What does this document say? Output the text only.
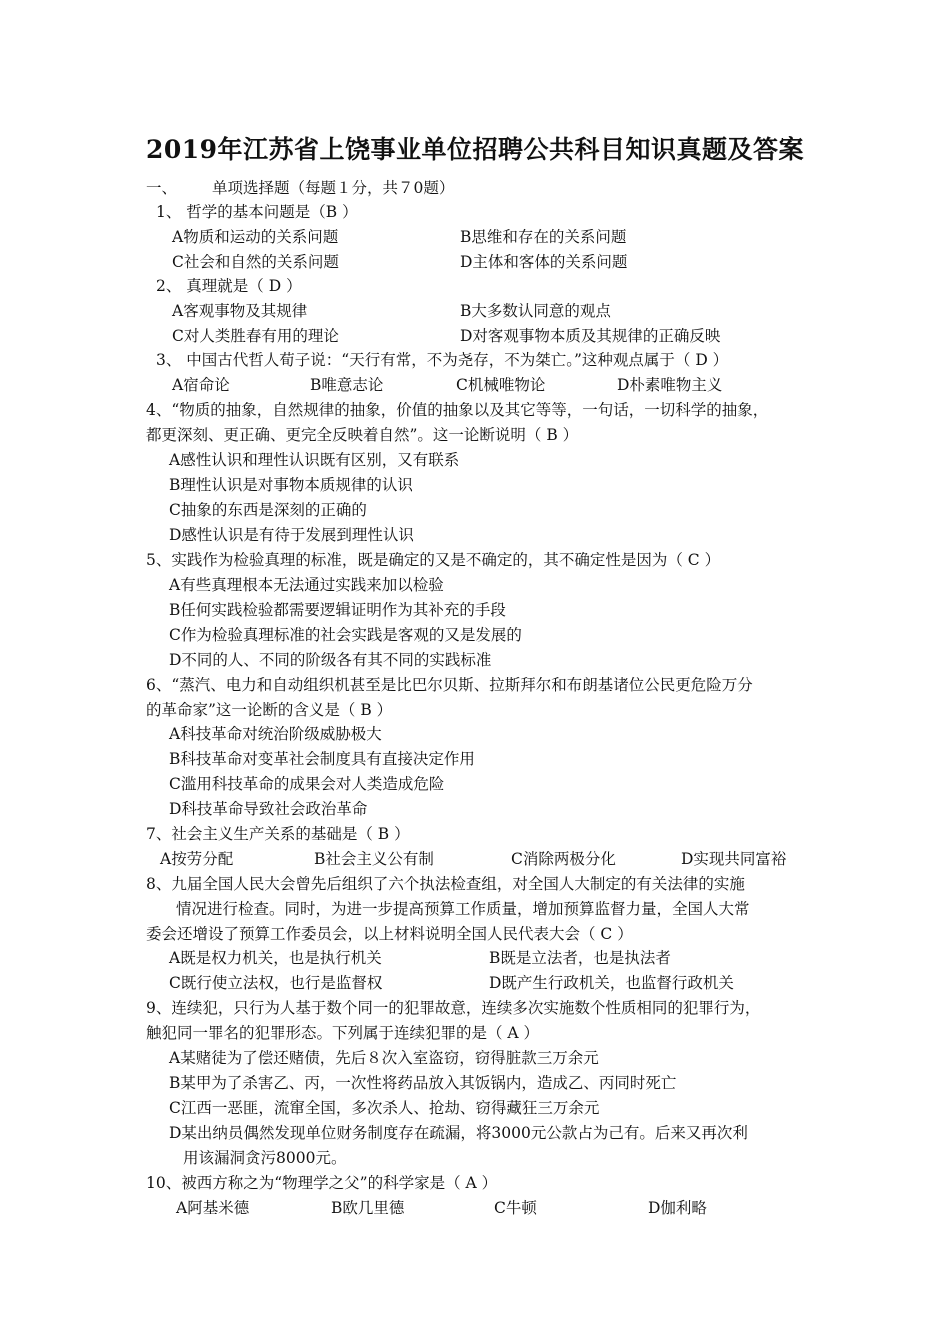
2019年江苏省上饶事业单位招聘公共科目知识真题及答案
一、 单项选择题（每题１分，共７0题）
1、 哲学的基本问题是（B ）
A物质和运动的关系问题	B思维和存在的关系问题
C社会和自然的关系问题	D主体和客体的关系问题
2、 真理就是（ D ）
A客观事物及其规律	B大多数认同意的观点
C对人类胜春有用的理论	D对客观事物本质及其规律的正确反映
3、 中国古代哲人荀子说：“天行有常，不为尧存，不为桀亡。”这种观点属于（ D ）
A宿命论	B唯意志论	C机械唯物论	D朴素唯物主义
4、“物质的抽象，自然规律的抽象，价值的抽象以及其它等等，一句话，一切科学的抽象，
都更深刻、更正确、更完全反映着自然”。这一论断说明（ B ）
A感性认识和理性认识既有区别，又有联系
B理性认识是对事物本质规律的认识
C抽象的东西是深刻的正确的
D感性认识是有待于发展到理性认识
5、实践作为检验真理的标准，既是确定的又是不确定的，其不确定性是因为（ C ）
A有些真理根本无法通过实践来加以检验
B任何实践检验都需要逻辑证明作为其补充的手段
C作为检验真理标准的社会实践是客观的又是发展的
D不同的人、不同的阶级各有其不同的实践标准
6、“蒸汽、电力和自动组织机甚至是比巴尔贝斯、拉斯拜尔和布朗基诸位公民更危险万分
的革命家”这一论断的含义是（ B ）
A科技革命对统治阶级威胁极大
B科技革命对变革社会制度具有直接决定作用
C滥用科技革命的成果会对人类造成危险
D科技革命导致社会政治革命
7、社会主义生产关系的基础是（ B ）
A按劳分配	B社会主义公有制	C消除两极分化	D实现共同富裕
8、九届全国人民大会曾先后组织了六个执法检查组，对全国人大制定的有关法律的实施
情况进行检查。同时，为进一步提高预算工作质量，增加预算监督力量，全国人大常
委会还增设了预算工作委员会，以上材料说明全国人民代表大会（ C ）
A既是权力机关，也是执行机关	B既是立法者，也是执法者
C既行使立法权，也行是监督权	D既产生行政机关，也监督行政机关
9、连续犯，只行为人基于数个同一的犯罪故意，连续多次实施数个性质相同的犯罪行为，
触犯同一罪名的犯罪形态。下列属于连续犯罪的是（ A ）
A某赌徒为了偿还赌债，先后８次入室盗窃，窃得脏款三万余元
B某甲为了杀害乙、丙，一次性将药品放入其饭锅内，造成乙、丙同时死亡
C江西一恶匪，流窜全国，多次杀人、抢劫、窃得藏狂三万余元
D某出纳员偶然发现单位财务制度存在疏漏，将3000元公款占为己有。后来又再次利
用该漏洞贪污8000元。
10、被西方称之为“物理学之父”的科学家是（ A ）
A阿基米德	B欧几里德	C牛顿	D伽利略
